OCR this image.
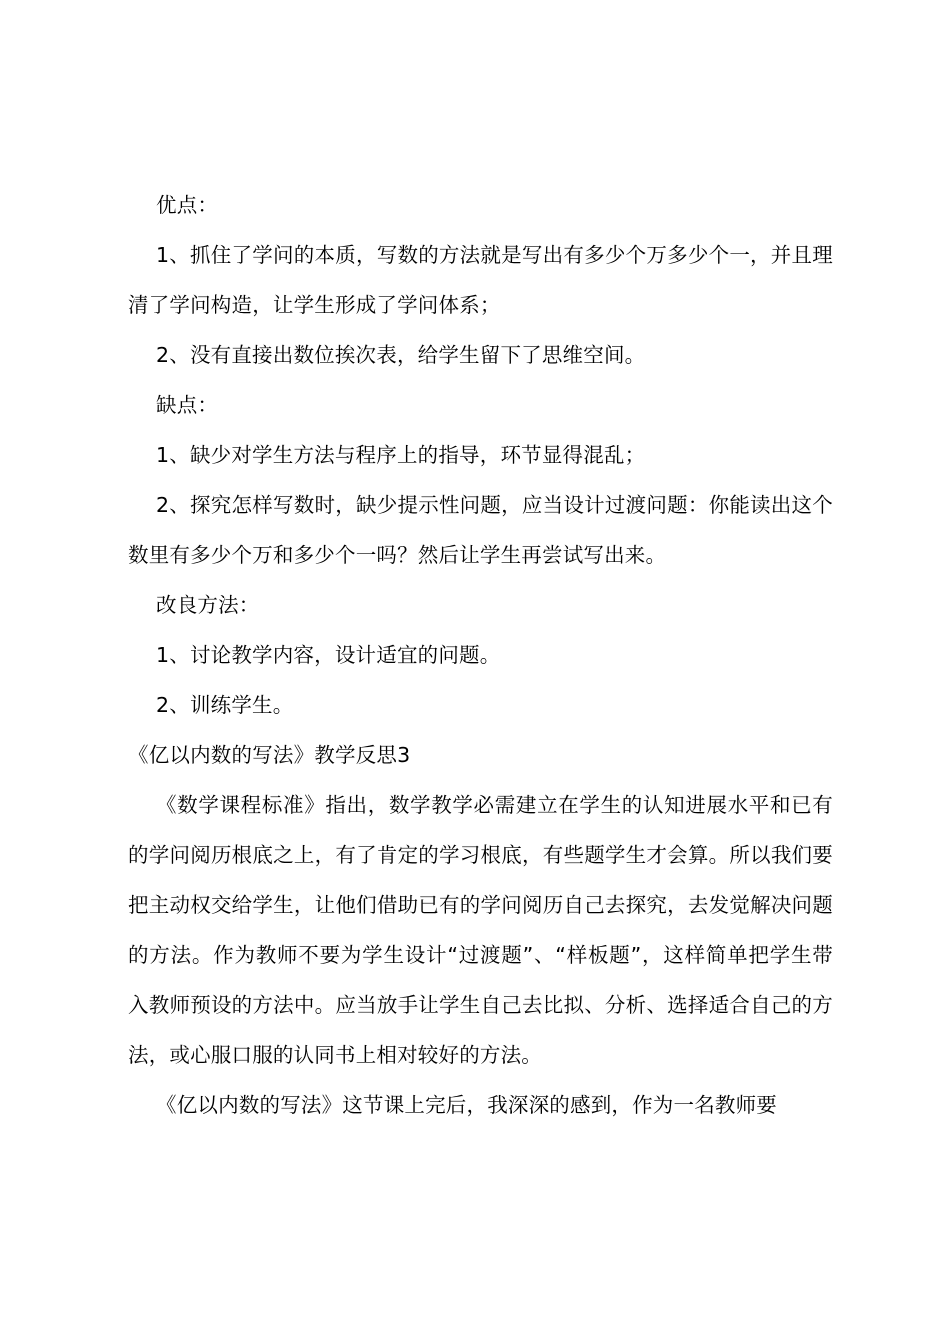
优点：

1、抓住了学问的本质，写数的方法就是写出有多少个万多少个一，并且理清了学问构造，让学生形成了学问体系；

2、没有直接出数位挨次表，给学生留下了思维空间。

缺点：

1、缺少对学生方法与程序上的指导，环节显得混乱；

2、探究怎样写数时，缺少提示性问题，应当设计过渡问题：你能读出这个数里有多少个万和多少个一吗？然后让学生再尝试写出来。

改良方法：

1、讨论教学内容，设计适宜的问题。

2、训练学生。

《亿以内数的写法》教学反思3

《数学课程标准》指出，数学教学必需建立在学生的认知进展水平和已有的学问阅历根底之上，有了肯定的学习根底，有些题学生才会算。所以我们要把主动权交给学生，让他们借助已有的学问阅历自己去探究，去发觉解决问题的方法。作为教师不要为学生设计“过渡题”、“样板题”，这样简单把学生带入教师预设的方法中。应当放手让学生自己去比拟、分析、选择适合自己的方法，或心服口服的认同书上相对较好的方法。

《亿以内数的写法》这节课上完后，我深深的感到，作为一名教师要
